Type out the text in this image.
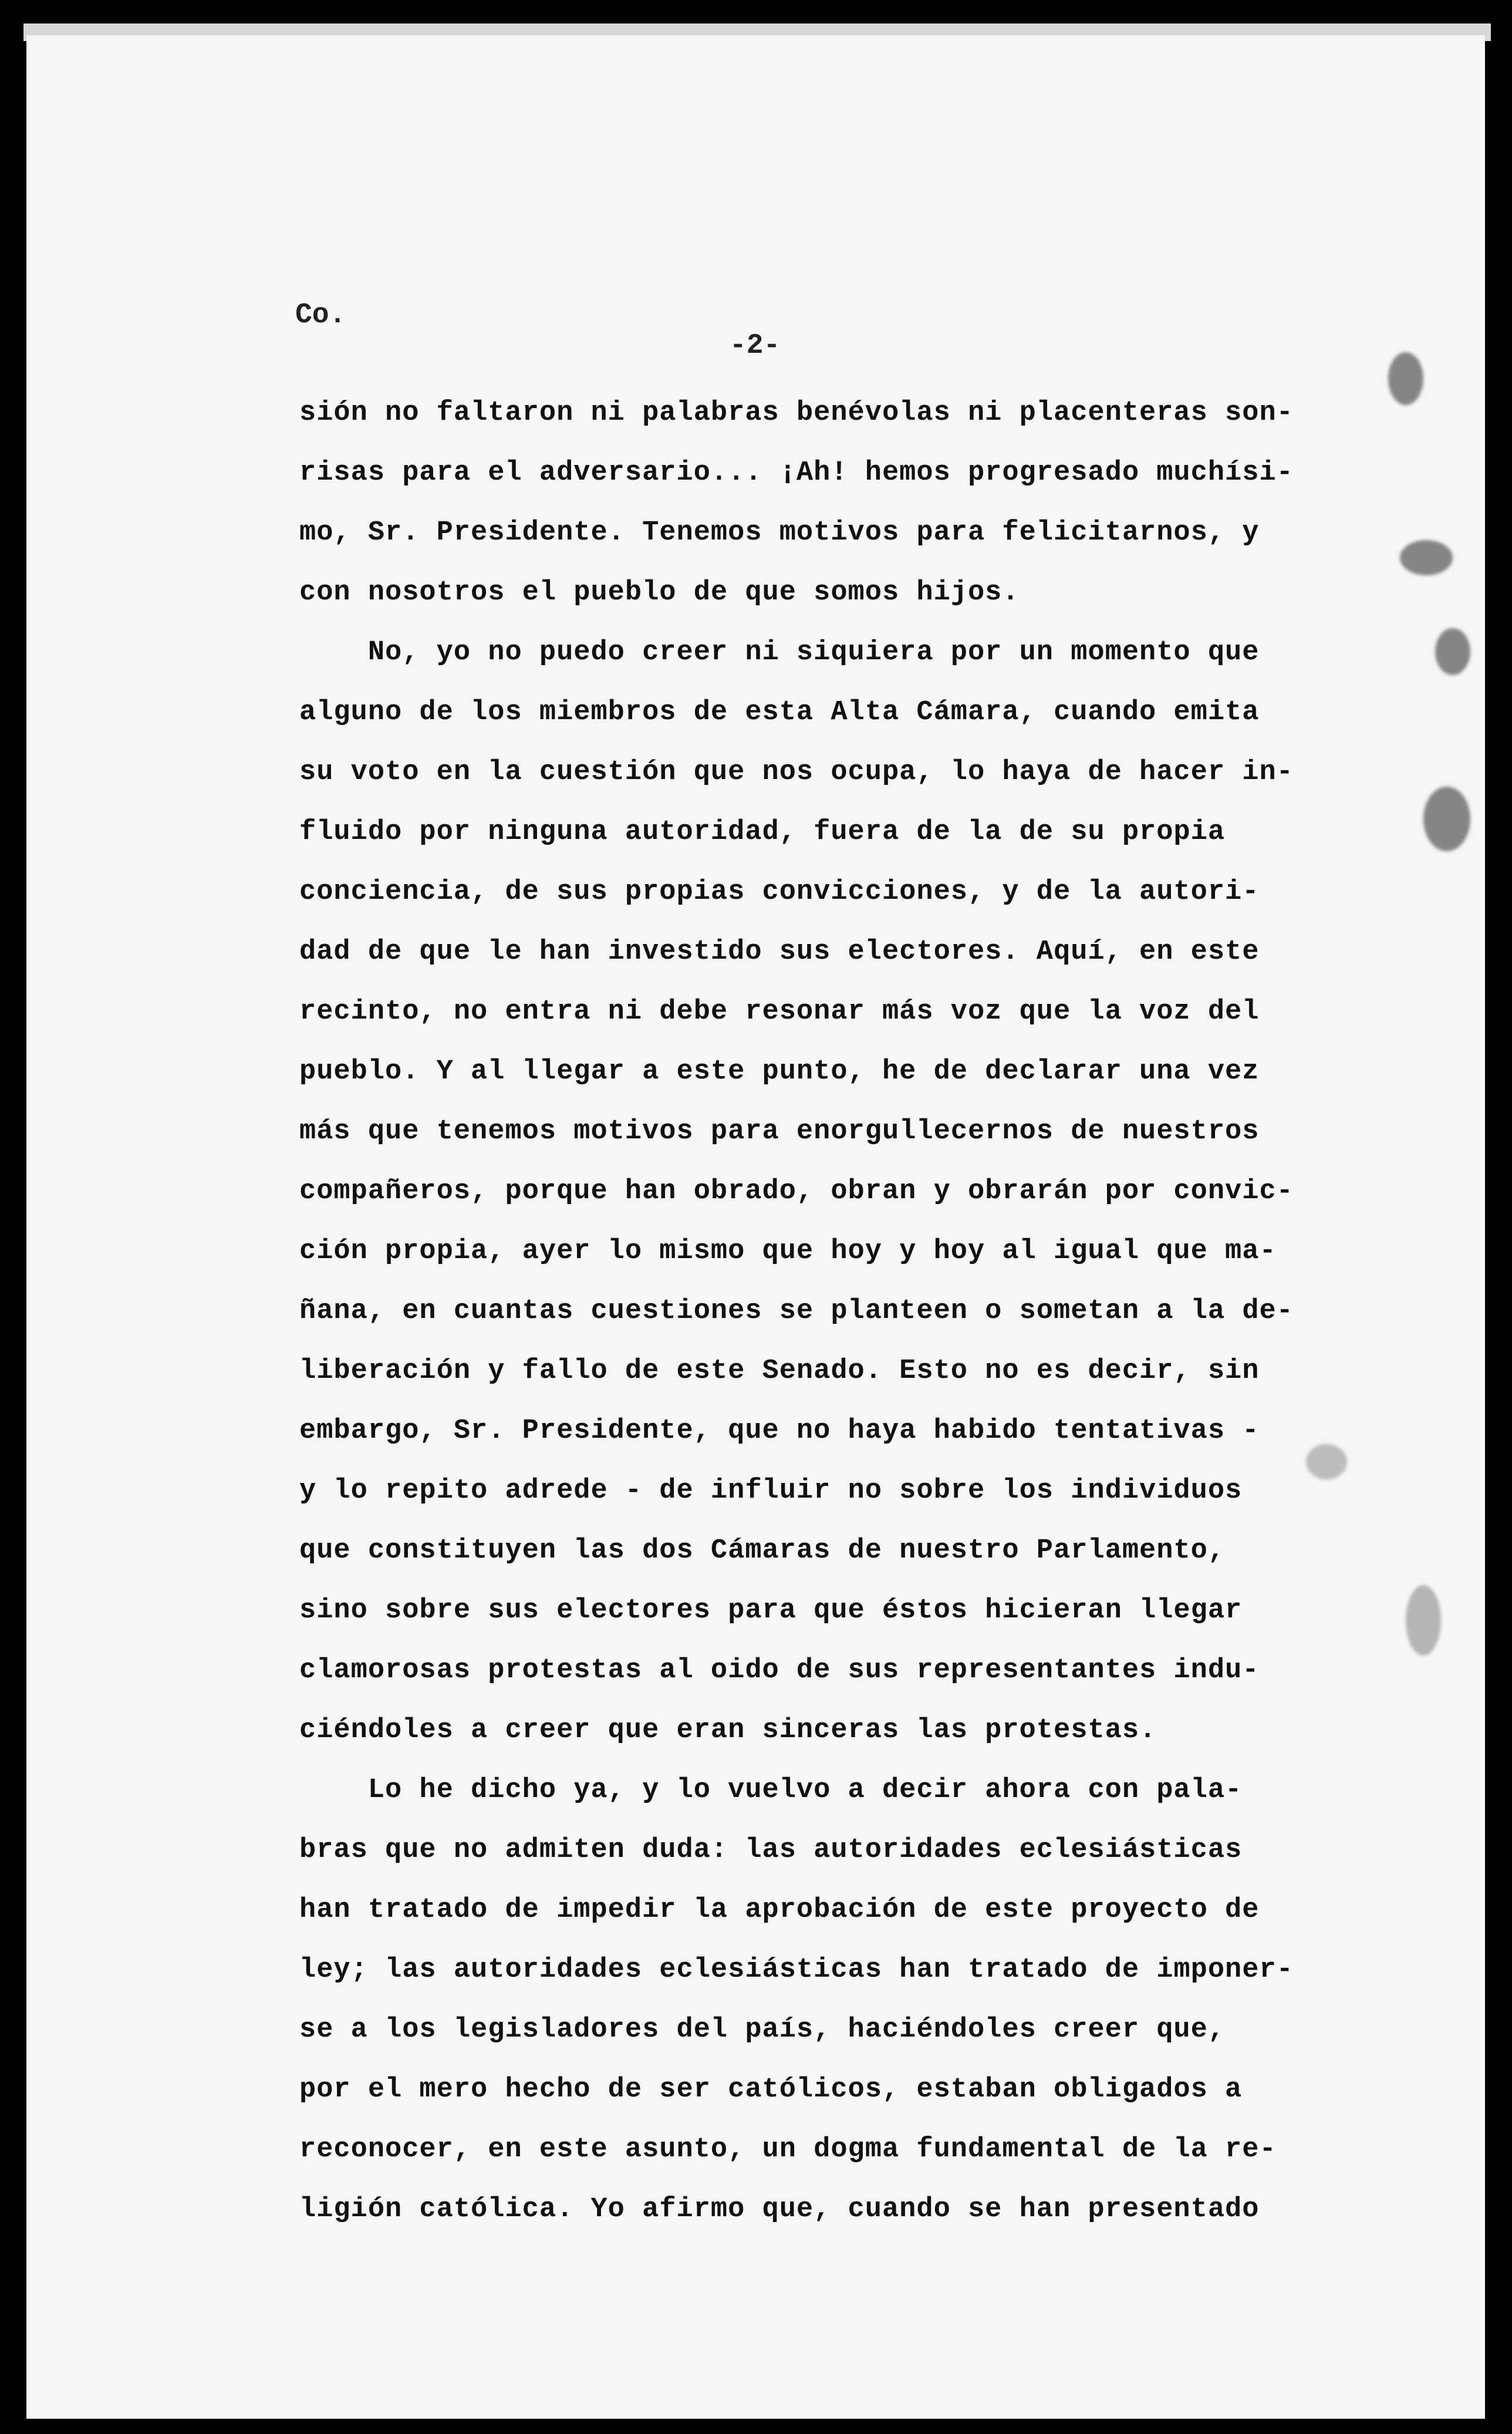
Co.
-2-
sión no faltaron ni palabras benévolas ni placenteras son-
risas para el adversario... ¡Ah! hemos progresado muchísi-
mo, Sr. Presidente. Tenemos motivos para felicitarnos, y
con nosotros el pueblo de que somos hijos.
No, yo no puedo creer ni siquiera por un momento que
alguno de los miembros de esta Alta Cámara, cuando emita
su voto en la cuestión que nos ocupa, lo haya de hacer in-
fluido por ninguna autoridad, fuera de la de su propia
conciencia, de sus propias convicciones, y de la autori-
dad de que le han investido sus electores. Aquí, en este
recinto, no entra ni debe resonar más voz que la voz del
pueblo. Y al llegar a este punto, he de declarar una vez
más que tenemos motivos para enorgullecernos de nuestros
compañeros, porque han obrado, obran y obrarán por convic-
ción propia, ayer lo mismo que hoy y hoy al igual que ma-
ñana, en cuantas cuestiones se planteen o sometan a la de-
liberación y fallo de este Senado. Esto no es decir, sin
embargo, Sr. Presidente, que no haya habido tentativas -
y lo repito adrede - de influir no sobre los individuos
que constituyen las dos Cámaras de nuestro Parlamento,
sino sobre sus electores para que éstos hicieran llegar
clamorosas protestas al oido de sus representantes indu-
ciéndoles a creer que eran sinceras las protestas.
Lo he dicho ya, y lo vuelvo a decir ahora con pala-
bras que no admiten duda: las autoridades eclesiásticas
han tratado de impedir la aprobación de este proyecto de
ley; las autoridades eclesiásticas han tratado de imponer-
se a los legisladores del país, haciéndoles creer que,
por el mero hecho de ser católicos, estaban obligados a
reconocer, en este asunto, un dogma fundamental de la re-
ligión católica. Yo afirmo que, cuando se han presentado
